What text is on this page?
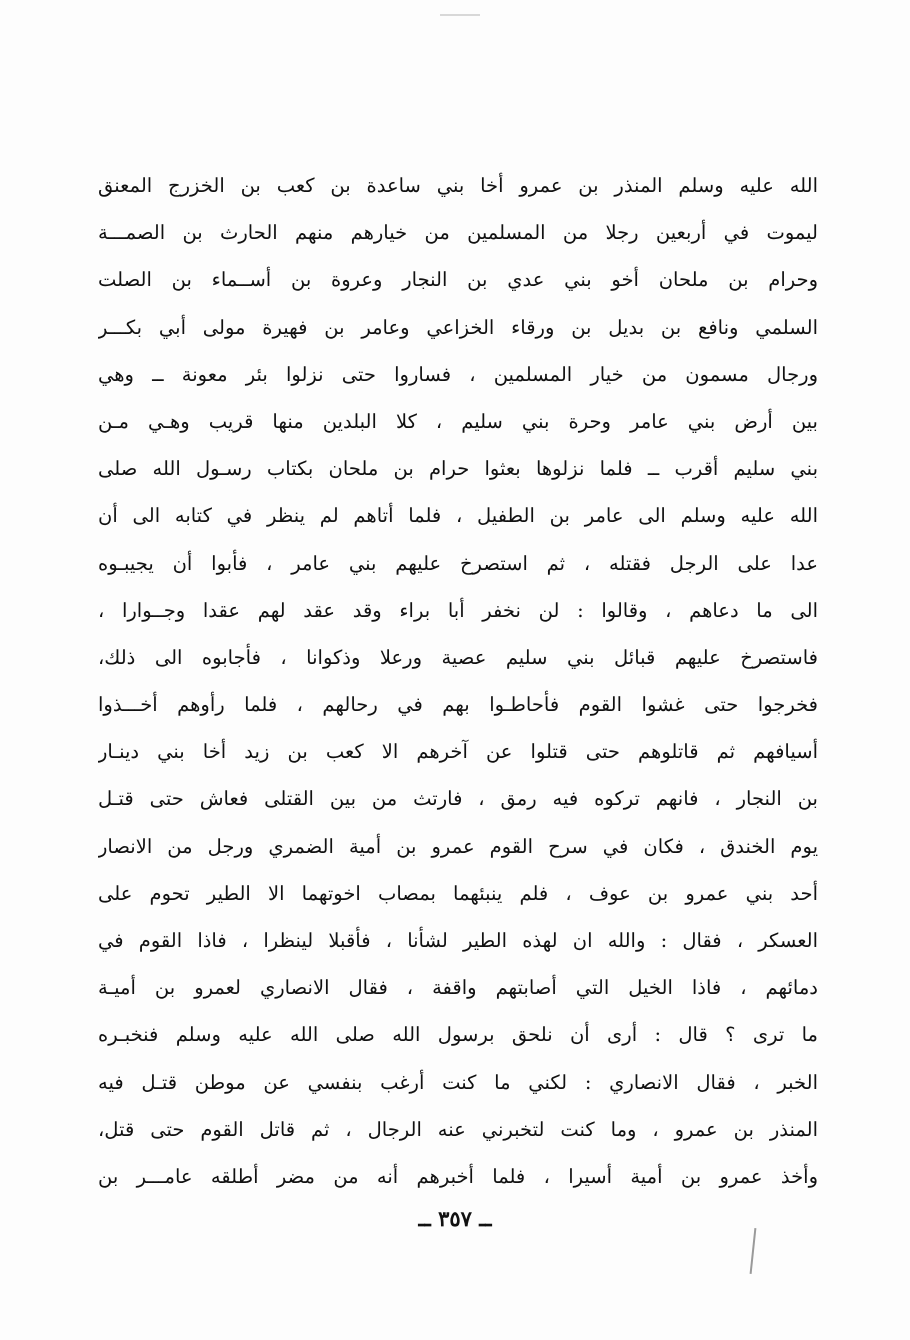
الله عليه وسلم المنذر بن عمرو أخا بني ساعدة بن كعب بن الخزرج المعنق
ليموت في أربعين رجلا من المسلمين من خيارهم منهم الحارث بن الصمـــة
وحرام بن ملحان أخو بني عدي بن النجار وعروة بن أســماء بن الصلت
السلمي ونافع بن بديل بن ورقاء الخزاعي وعامر بن فهيرة مولى أبي بكـــر
ورجال مسمون من خيار المسلمين ، فساروا حتى نزلوا بئر معونة ــ وهي
بين أرض بني عامر وحرة بني سليم ، كلا البلدين منها قريب وهـي مـن
بني سليم أقرب ــ فلما نزلوها بعثوا حرام بن ملحان بكتاب رسـول الله صلى
الله عليه وسلم الى عامر بن الطفيل ، فلما أتاهم لم ينظر في كتابه الى أن
عدا على الرجل فقتله ، ثم استصرخ عليهم بني عامر ، فأبوا أن يجيبـوه
الى ما دعاهم ، وقالوا : لن نخفر أبا براء وقد عقد لهم عقدا وجــوارا ،
فاستصرخ عليهم قبائل بني سليم عصية ورعلا وذكوانا ، فأجابوه الى ذلك،
فخرجوا حتى غشوا القوم فأحاطـوا بهم في رحالهم ، فلما رأوهم أخـــذوا
أسيافهم ثم قاتلوهم حتى قتلوا عن آخرهم الا كعب بن زيد أخا بني دينـار
بن النجار ، فانهم تركوه فيه رمق ، فارتث من بين القتلى فعاش حتى قتـل
يوم الخندق ، فكان في سرح القوم عمرو بن أمية الضمري ورجل من الانصار
أحد بني عمرو بن عوف ، فلم ينبئهما بمصاب اخوتهما الا الطير تحوم على
العسكر ، فقال : والله ان لهذه الطير لشأنا ، فأقبلا لينظرا ، فاذا القوم في
دمائهم ، فاذا الخيل التي أصابتهم واقفة ، فقال الانصاري لعمرو بن أميـة
ما ترى ؟ قال : أرى أن نلحق برسول الله صلى الله عليه وسلم فنخبـره
الخبر ، فقال الانصاري : لكني ما كنت أرغب بنفسي عن موطن قتـل فيه
المنذر بن عمرو ، وما كنت لتخبرني عنه الرجال ، ثم قاتل القوم حتى قتل،
وأخذ عمرو بن أمية أسيرا ، فلما أخبرهم أنه من مضر أطلقه عامـــر بن
ــ ٣٥٧ ــ
